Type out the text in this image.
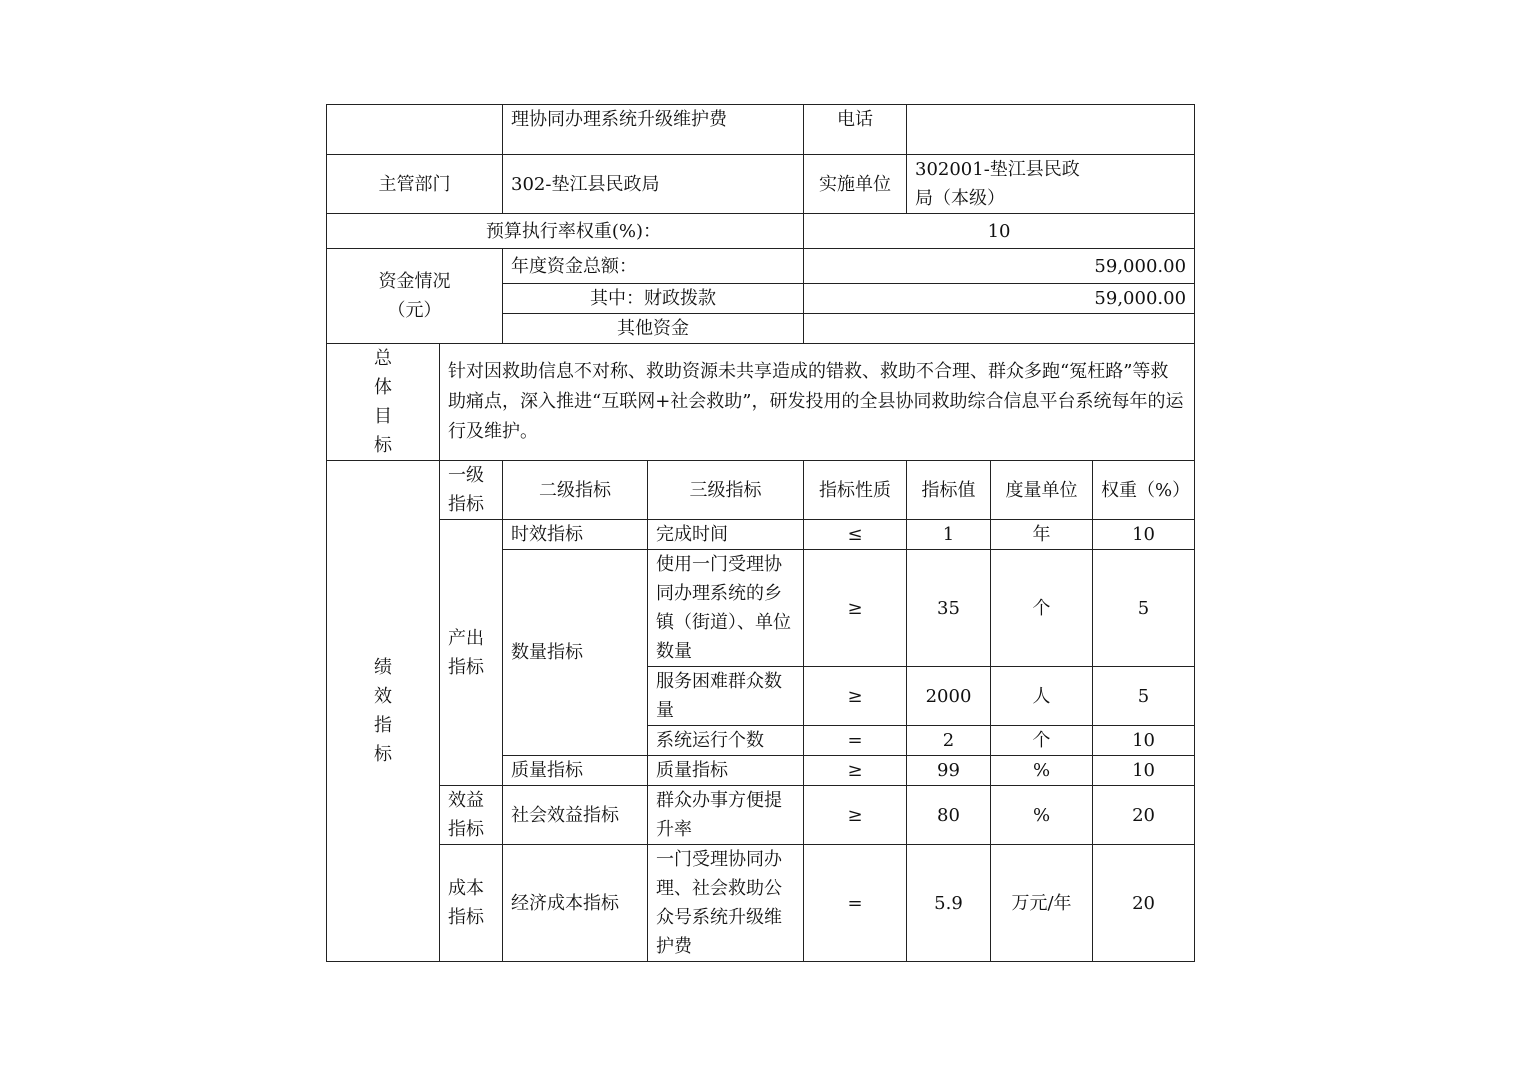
		理协同办理系统升级维护费		电话			
主管部门		302-垫江县民政局		实施单位	302001-垫江县民政局（本级）		

预算执行率权重(%)：				10			

资金情况
（元）		年度资金总额：		59,000.00			
		其中：财政拨款		59,000.00			
		其他资金					

总
体
目
标	针对因救助信息不对称、救助资源未共享造成的错救、救助不合理、群众多跑“冤枉路”等救助痛点，深入推进“互联网+社会救助”，研发投用的全县协同救助综合信息平台系统每年的运行及维护。						

绩
效
指
标	一级指标	二级指标	三级指标	指标性质	指标值	度量单位	权重（%）
	产出指标	时效指标	完成时间	≤	1	年	10
		数量指标	使用一门受理协同办理系统的乡镇（街道）、单位数量	≥	35	个	5
			服务困难群众数量	≥	2000	人	5
			系统运行个数	=	2	个	10
		质量指标	质量指标	≥	99	%	10
	效益指标	社会效益指标	群众办事方便提升率	≥	80	%	20
	成本指标	经济成本指标	一门受理协同办理、社会救助公众号系统升级维护费	=	5.9	万元/年	20
